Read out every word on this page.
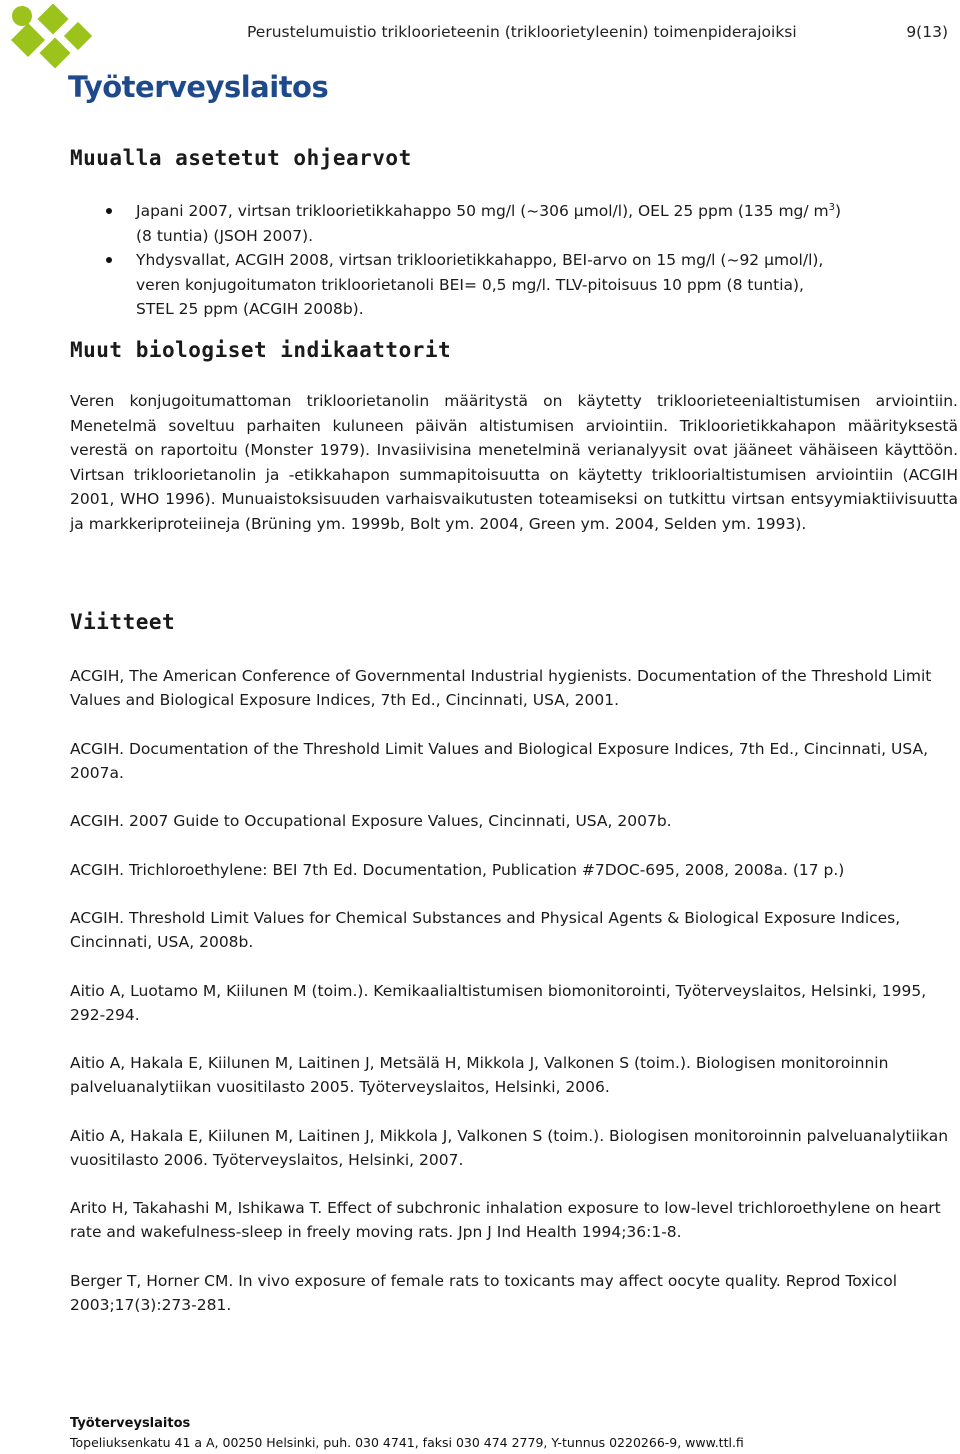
Työterveyslaitos
Perustelumuistio trikloorieteenin (trikloorietyleenin) toimenpiderajoiksi	9(13)
Muualla asetetut ohjearvot
Japani 2007, virtsan trikloorietikkahappo 50 mg/l (~306 µmol/l), OEL 25 ppm (135 mg/ $m^3$)
(8 tuntia) (JSOH 2007).
Yhdysvallat, ACGIH 2008, virtsan trikloorietikkahappo, BEI-arvo on 15 mg/l (~92 µmol/l),
veren konjugoitumaton trikloorietanoli BEI= 0,5 mg/l. TLV-pitoisuus 10 ppm (8 tuntia),
STEL 25 ppm (ACGIH 2008b).
Muut biologiset indikaattorit

Veren konjugoitumattoman trikloorietanolin määritystä on käytetty trikloorieteenialtistumisen arviointiin. Menetelmä soveltuu parhaiten kuluneen päivän altistumisen arviointiin. Trikloorietikkahapon määrityksestä verestä on raportoitu (Monster 1979). Invasiivisina menetelminä verianalyysit ovat jääneet vähäiseen käyttöön. Virtsan trikloorietanolin ja -etikkahapon summapitoisuutta on käytetty trikloorialtistumisen arviointiin (ACGIH 2001, WHO 1996). Munuaistoksisuuden varhaisvaikutusten toteamiseksi on tutkittu virtsan entsyymiaktiivisuutta ja markkeriproteiineja (Brüning ym. 1999b, Bolt ym. 2004, Green ym. 2004, Selden ym. 1993).

Viitteet

ACGIH, The American Conference of Governmental Industrial hygienists. Documentation of the Threshold Limit Values and Biological Exposure Indices, 7th Ed., Cincinnati, USA, 2001.

ACGIH. Documentation of the Threshold Limit Values and Biological Exposure Indices, 7th Ed., Cincinnati, USA, 2007a.

ACGIH. 2007 Guide to Occupational Exposure Values, Cincinnati, USA, 2007b.

ACGIH. Trichloroethylene: BEI 7th Ed. Documentation, Publication #7DOC-695, 2008, 2008a. (17 p.)

ACGIH. Threshold Limit Values for Chemical Substances and Physical Agents & Biological Exposure Indices, Cincinnati, USA, 2008b.

Aitio A, Luotamo M, Kiilunen M (toim.). Kemikaalialtistumisen biomonitorointi, Työterveyslaitos, Helsinki, 1995, 292-294.

Aitio A, Hakala E, Kiilunen M, Laitinen J, Metsälä H, Mikkola J, Valkonen S (toim.). Biologisen monitoroinnin palveluanalytiikan vuositilasto 2005. Työterveyslaitos, Helsinki, 2006.

Aitio A, Hakala E, Kiilunen M, Laitinen J, Mikkola J, Valkonen S (toim.). Biologisen monitoroinnin palveluanalytiikan vuositilasto 2006. Työterveyslaitos, Helsinki, 2007.

Arito H, Takahashi M, Ishikawa T. Effect of subchronic inhalation exposure to low-level trichloroethylene on heart rate and wakefulness-sleep in freely moving rats. Jpn J Ind Health 1994;36:1-8.

Berger T, Horner CM. In vivo exposure of female rats to toxicants may affect oocyte quality. Reprod Toxicol 2003;17(3):273-281.

Työterveyslaitos
Topeliuksenkatu 41 a A, 00250 Helsinki, puh. 030 4741, faksi 030 474 2779, Y-tunnus 0220266-9, www.ttl.fi
